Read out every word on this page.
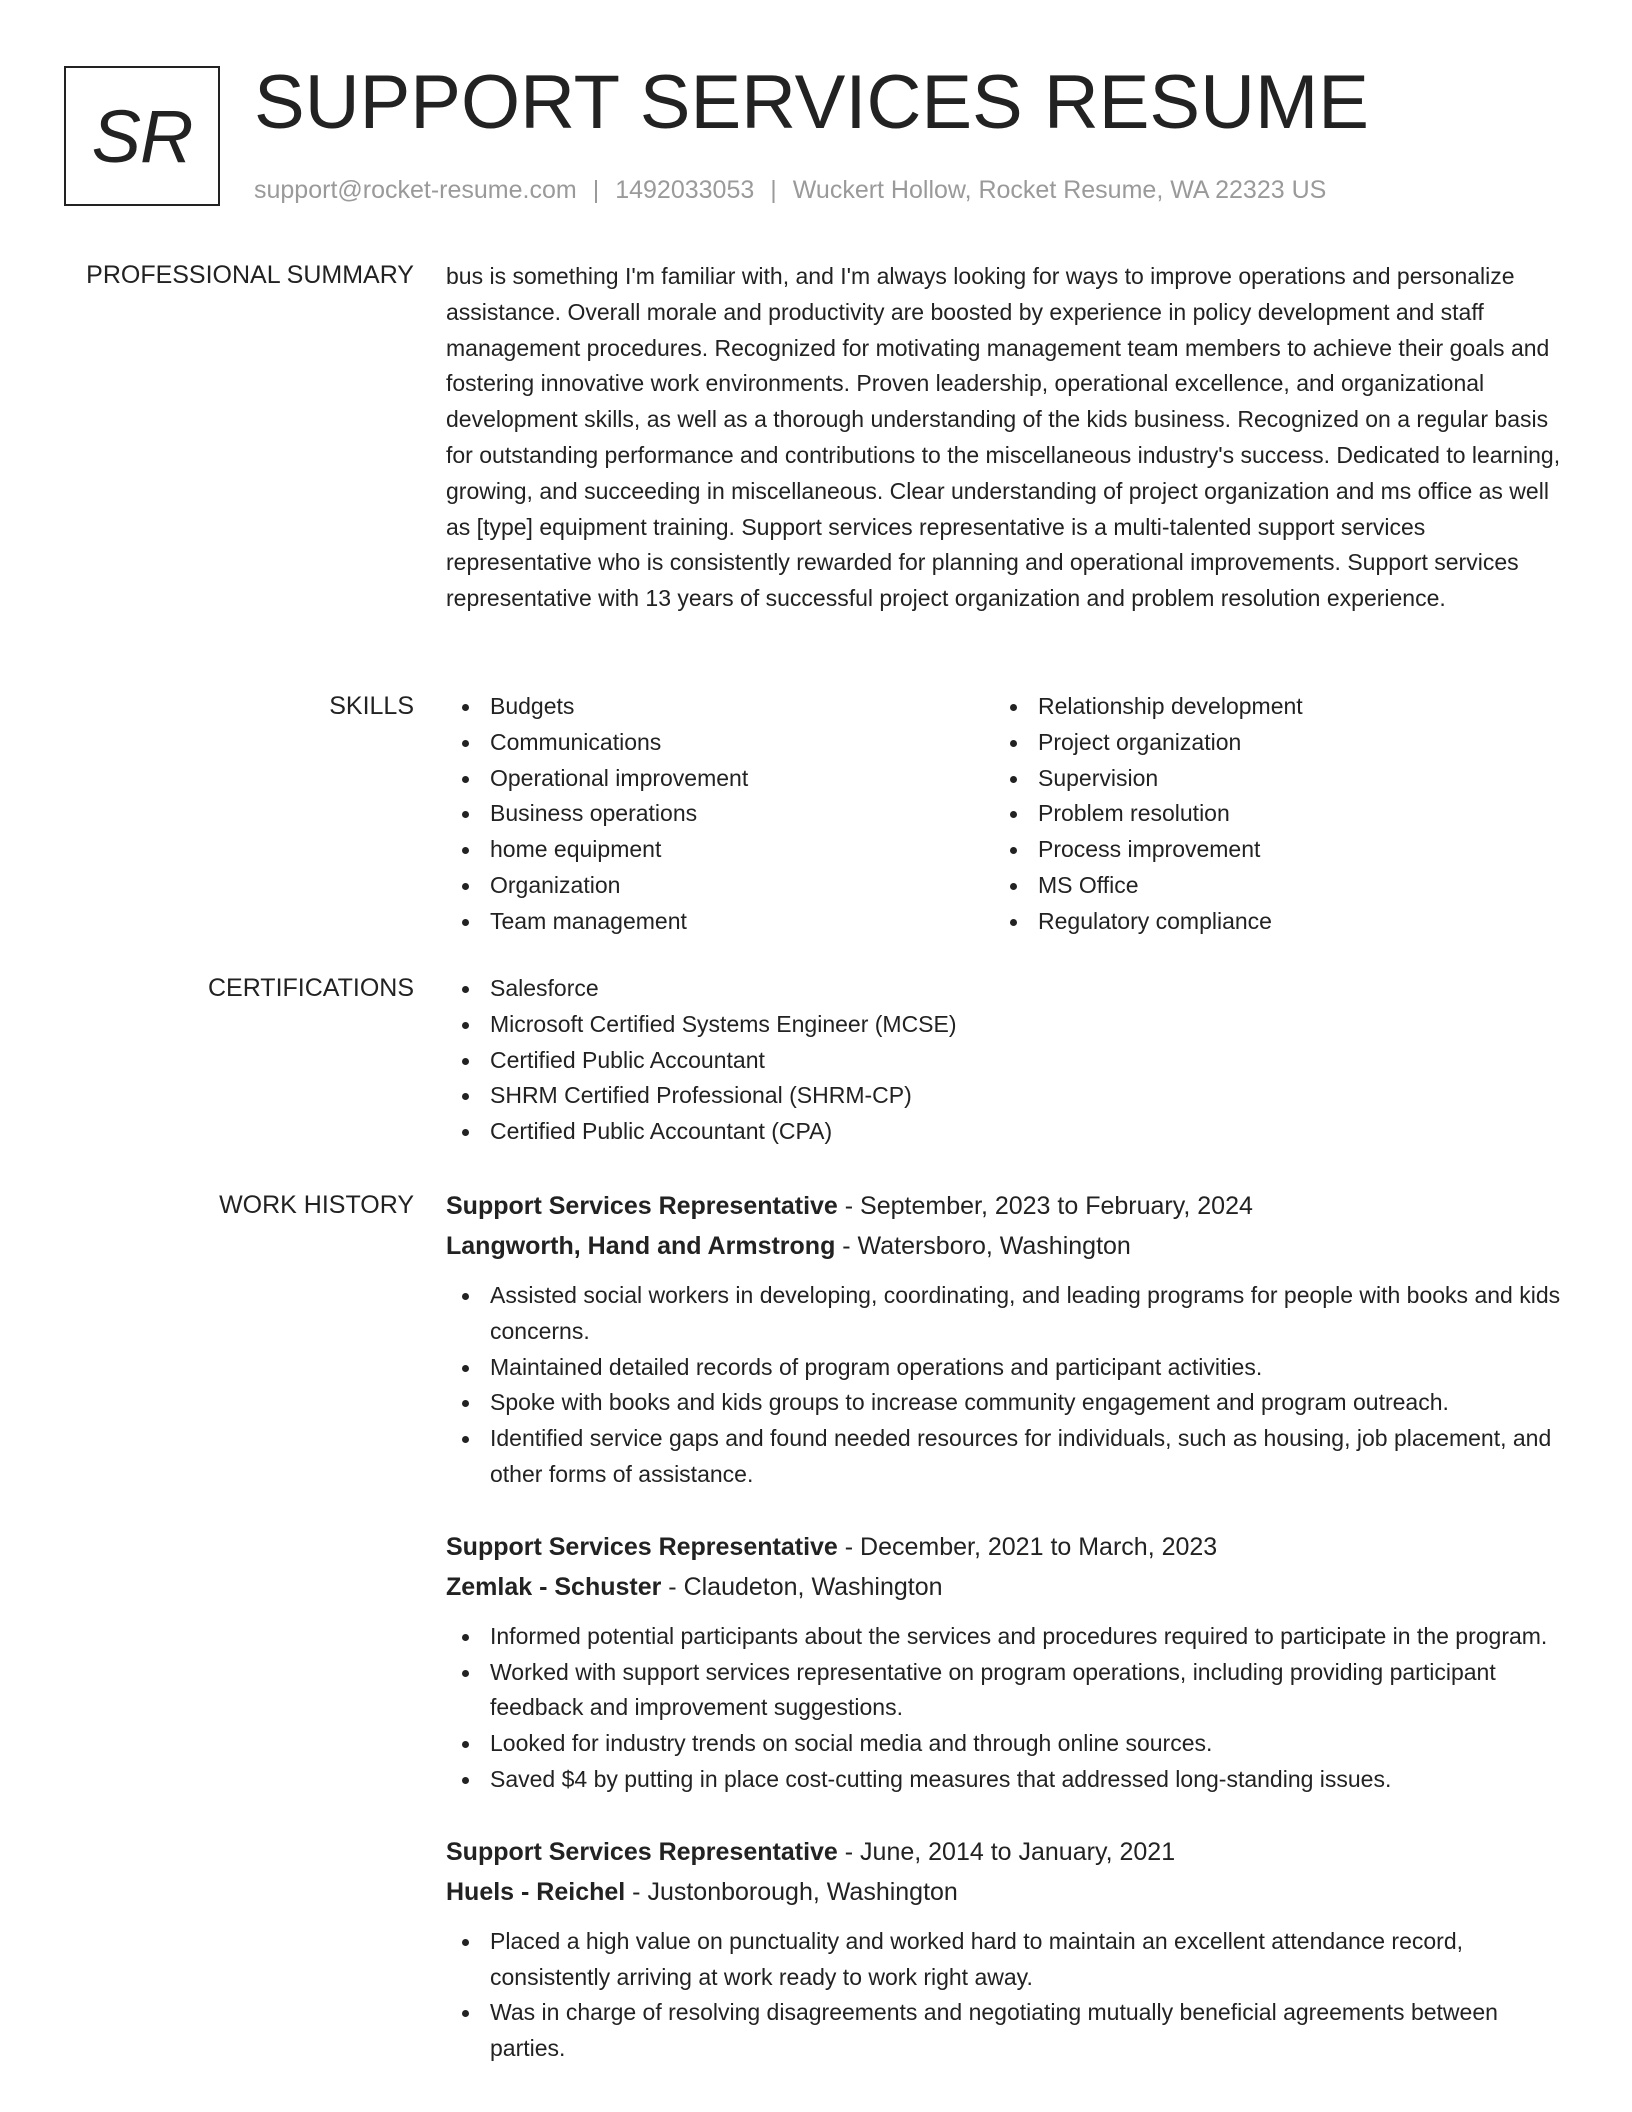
SR SUPPORT SERVICES RESUME
support@rocket-resume.com | 1492033053 | Wuckert Hollow, Rocket Resume, WA 22323 US
PROFESSIONAL SUMMARY bus is something I'm familiar with, and I'm always looking for ways to improve operations and personalize assistance. Overall morale and productivity are boosted by experience in policy development and staff management procedures. Recognized for motivating management team members to achieve their goals and fostering innovative work environments. Proven leadership, operational excellence, and organizational development skills, as well as a thorough understanding of the kids business. Recognized on a regular basis for outstanding performance and contributions to the miscellaneous industry's success. Dedicated to learning, growing, and succeeding in miscellaneous. Clear understanding of project organization and ms office as well as [type] equipment training. Support services representative is a multi-talented support services representative who is consistently rewarded for planning and operational improvements. Support services representative with 13 years of successful project organization and problem resolution experience.

SKILLS	Budgets
Communications
Operational improvement
Business operations
home equipment
Organization
Team management
Relationship development
Project organization
Supervision
Problem resolution
Process improvement
MS Office
Regulatory compliance
CERTIFICATIONS	Salesforce
Microsoft Certified Systems Engineer (MCSE)
Certified Public Accountant
SHRM Certified Professional (SHRM-CP)
Certified Public Accountant (CPA)
WORK HISTORY Support Services Representative - September, 2023 to February, 2024
Langworth, Hand and Armstrong - Watersboro, Washington
Assisted social workers in developing, coordinating, and leading programs for people with books and kids concerns.
Maintained detailed records of program operations and participant activities.
Spoke with books and kids groups to increase community engagement and program outreach.
Identified service gaps and found needed resources for individuals, such as housing, job placement, and other forms of assistance.
Support Services Representative - December, 2021 to March, 2023
Zemlak - Schuster - Claudeton, Washington
Informed potential participants about the services and procedures required to participate in the program.
Worked with support services representative on program operations, including providing participant feedback and improvement suggestions.
Looked for industry trends on social media and through online sources.
Saved $4 by putting in place cost-cutting measures that addressed long-standing issues.
Support Services Representative - June, 2014 to January, 2021
Huels - Reichel - Justonborough, Washington
Placed a high value on punctuality and worked hard to maintain an excellent attendance record, consistently arriving at work ready to work right away.
Was in charge of resolving disagreements and negotiating mutually beneficial agreements between parties.
